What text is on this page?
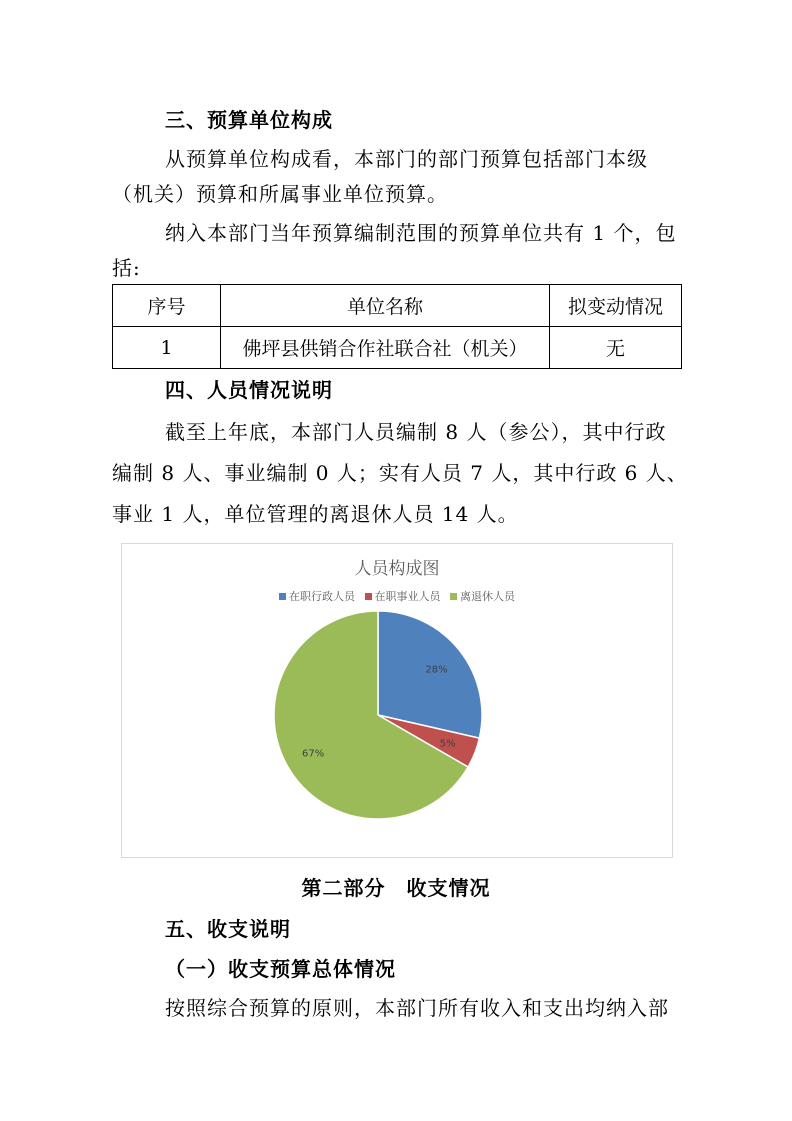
三、预算单位构成
从预算单位构成看，本部门的部门预算包括部门本级
（机关）预算和所属事业单位预算。
纳入本部门当年预算编制范围的预算单位共有 1 个，包
括:
序号	单位名称	拟变动情况
1	佛坪县供销合作社联合社（机关）	无
四、人员情况说明
截至上年底，本部门人员编制 8 人（参公），其中行政
编制 8 人、事业编制 0 人；实有人员 7 人，其中行政 6 人、
事业 1 人，单位管理的离退休人员 14 人。
人员构成图
在职行政人员 在职事业人员 离退休人员
28%
5%
67%
第二部分　收支情况
五、收支说明
（一）收支预算总体情况
按照综合预算的原则，本部门所有收入和支出均纳入部
